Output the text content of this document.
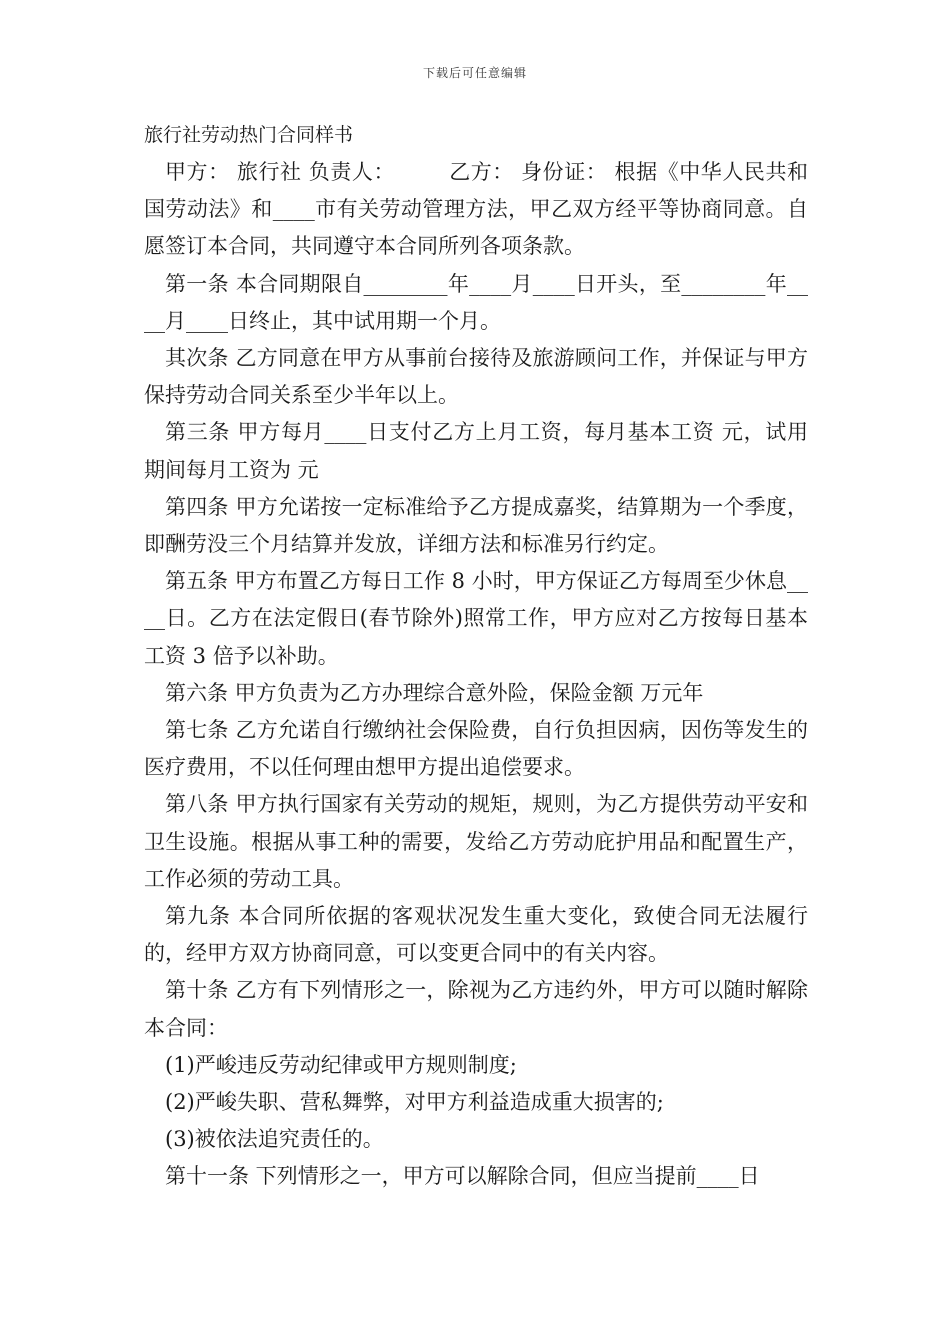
下载后可任意编辑
旅行社劳动热门合同样书

甲方： 旅行社 负责人：　　　乙方： 身份证： 根据《中华人民共和国劳动法》和____市有关劳动管理方法，甲乙双方经平等协商同意。自愿签订本合同，共同遵守本合同所列各项条款。

第一条 本合同期限自________年____月____日开头，至________年____月____日终止，其中试用期一个月。

其次条 乙方同意在甲方从事前台接待及旅游顾问工作，并保证与甲方保持劳动合同关系至少半年以上。

第三条 甲方每月____日支付乙方上月工资，每月基本工资 元，试用期间每月工资为 元

第四条 甲方允诺按一定标准给予乙方提成嘉奖，结算期为一个季度，即酬劳没三个月结算并发放，详细方法和标准另行约定。

第五条 甲方布置乙方每日工作 8 小时，甲方保证乙方每周至少休息____日。乙方在法定假日(春节除外)照常工作，甲方应对乙方按每日基本工资 3 倍予以补助。

第六条 甲方负责为乙方办理综合意外险，保险金额 万元年

第七条 乙方允诺自行缴纳社会保险费，自行负担因病，因伤等发生的医疗费用，不以任何理由想甲方提出追偿要求。

第八条 甲方执行国家有关劳动的规矩，规则，为乙方提供劳动平安和卫生设施。根据从事工种的需要，发给乙方劳动庇护用品和配置生产，工作必须的劳动工具。

第九条 本合同所依据的客观状况发生重大变化，致使合同无法履行的，经甲方双方协商同意，可以变更合同中的有关内容。

第十条 乙方有下列情形之一，除视为乙方违约外，甲方可以随时解除本合同：

(1)严峻违反劳动纪律或甲方规则制度;

(2)严峻失职、营私舞弊，对甲方利益造成重大损害的;

(3)被依法追究责任的。

第十一条 下列情形之一，甲方可以解除合同，但应当提前____日
